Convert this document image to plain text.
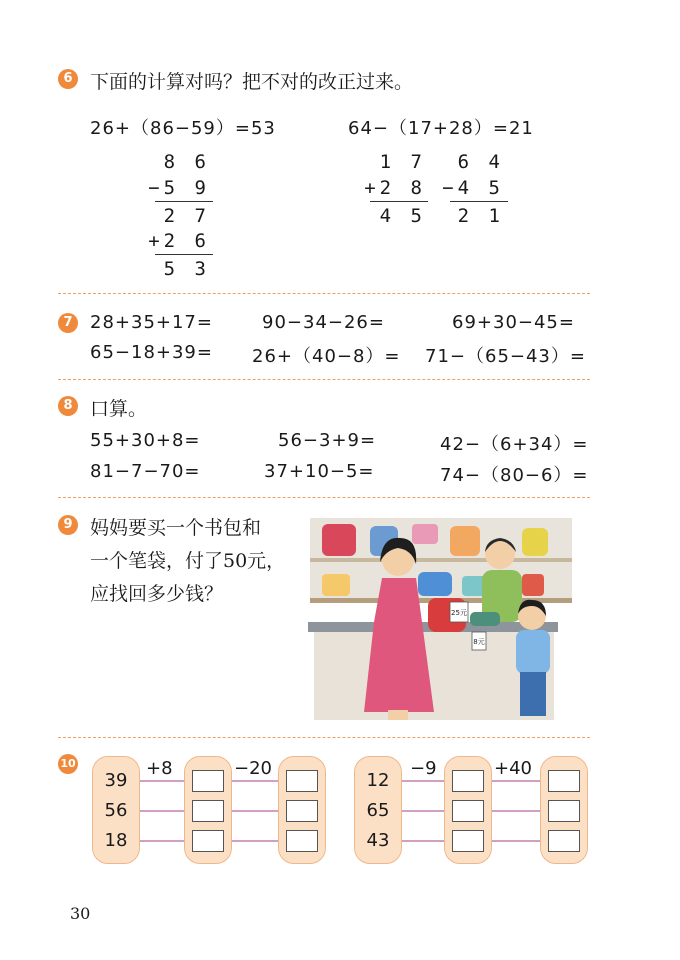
6 下面的计算对吗？把不对的改正过来。
26+（86−59）=53	64−（17+28）=21
8 6
−5 9
2 7
+2 6
5 3
1 7
+2 8
4 5
6 4
−4 5
2 1
7 28+35+17=	90−34−26=	69+30−45=
65−18+39= 26+（40−8）= 71−（65−43）=
8 口算。
55+30+8=	56−3+9=	42−（6+34）=
81−7−70=	37+10−5=	74−（80−6）=
9 妈妈要买一个书包和
一个笔袋，付了50元，
应找回多少钱？
25元
8元
10
39
56
18
+8	−20
12
65
43
−9	+40
30
